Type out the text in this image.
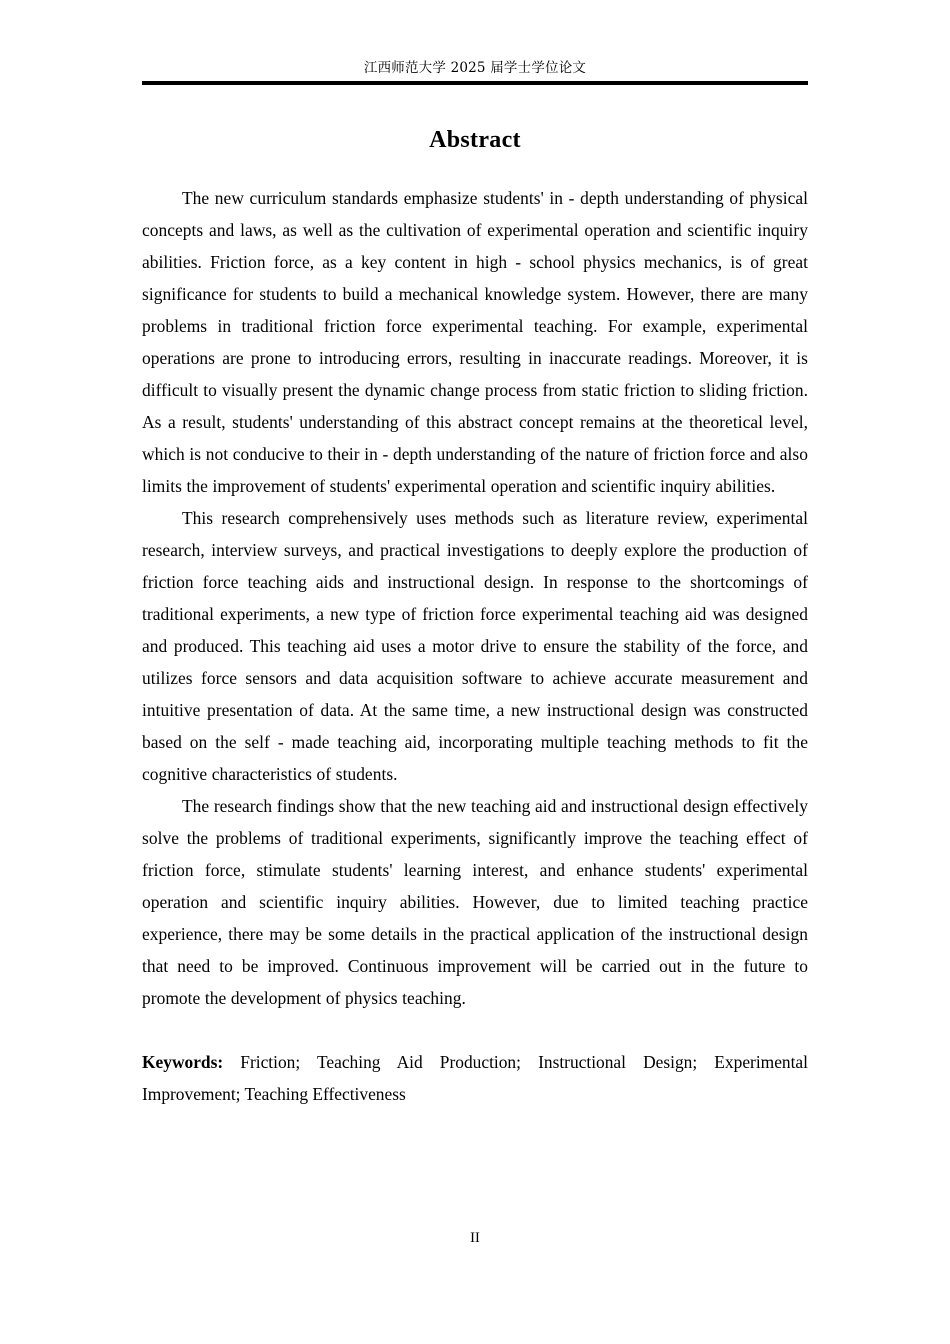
江西师范大学 2025 届学士学位论文
Abstract

The new curriculum standards emphasize students' in - depth understanding of physical concepts and laws, as well as the cultivation of experimental operation and scientific inquiry abilities. Friction force, as a key content in high - school physics mechanics, is of great significance for students to build a mechanical knowledge system. However, there are many problems in traditional friction force experimental teaching. For example, experimental operations are prone to introducing errors, resulting in inaccurate readings. Moreover, it is difficult to visually present the dynamic change process from static friction to sliding friction. As a result, students' understanding of this abstract concept remains at the theoretical level, which is not conducive to their in - depth understanding of the nature of friction force and also limits the improvement of students' experimental operation and scientific inquiry abilities.

This research comprehensively uses methods such as literature review, experimental research, interview surveys, and practical investigations to deeply explore the production of friction force teaching aids and instructional design. In response to the shortcomings of traditional experiments, a new type of friction force experimental teaching aid was designed and produced. This teaching aid uses a motor drive to ensure the stability of the force, and utilizes force sensors and data acquisition software to achieve accurate measurement and intuitive presentation of data. At the same time, a new instructional design was constructed based on the self - made teaching aid, incorporating multiple teaching methods to fit the cognitive characteristics of students.

The research findings show that the new teaching aid and instructional design effectively solve the problems of traditional experiments, significantly improve the teaching effect of friction force, stimulate students' learning interest, and enhance students' experimental operation and scientific inquiry abilities. However, due to limited teaching practice experience, there may be some details in the practical application of the instructional design that need to be improved. Continuous improvement will be carried out in the future to promote the development of physics teaching.

Keywords: Friction; Teaching Aid Production; Instructional Design; Experimental Improvement; Teaching Effectiveness
II
